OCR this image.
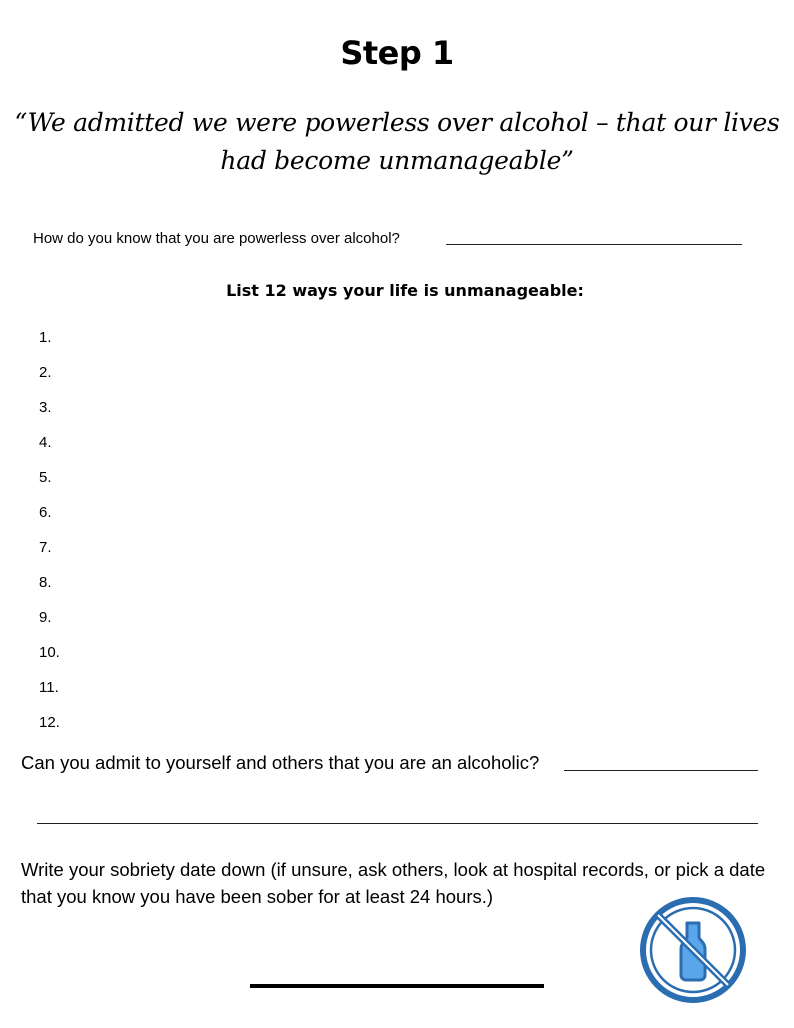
Step 1
“We admitted we were powerless over alcohol – that our lives had become unmanageable”
How do you know that you are powerless over alcohol?
List 12 ways your life is unmanageable:
1.
2.
3.
4.
5.
6.
7.
8.
9.
10.
11.
12.
Can you admit to yourself and others that you are an alcoholic?
Write your sobriety date down (if unsure, ask others, look at hospital records, or pick a date that you know you have been sober for at least 24 hours.)
